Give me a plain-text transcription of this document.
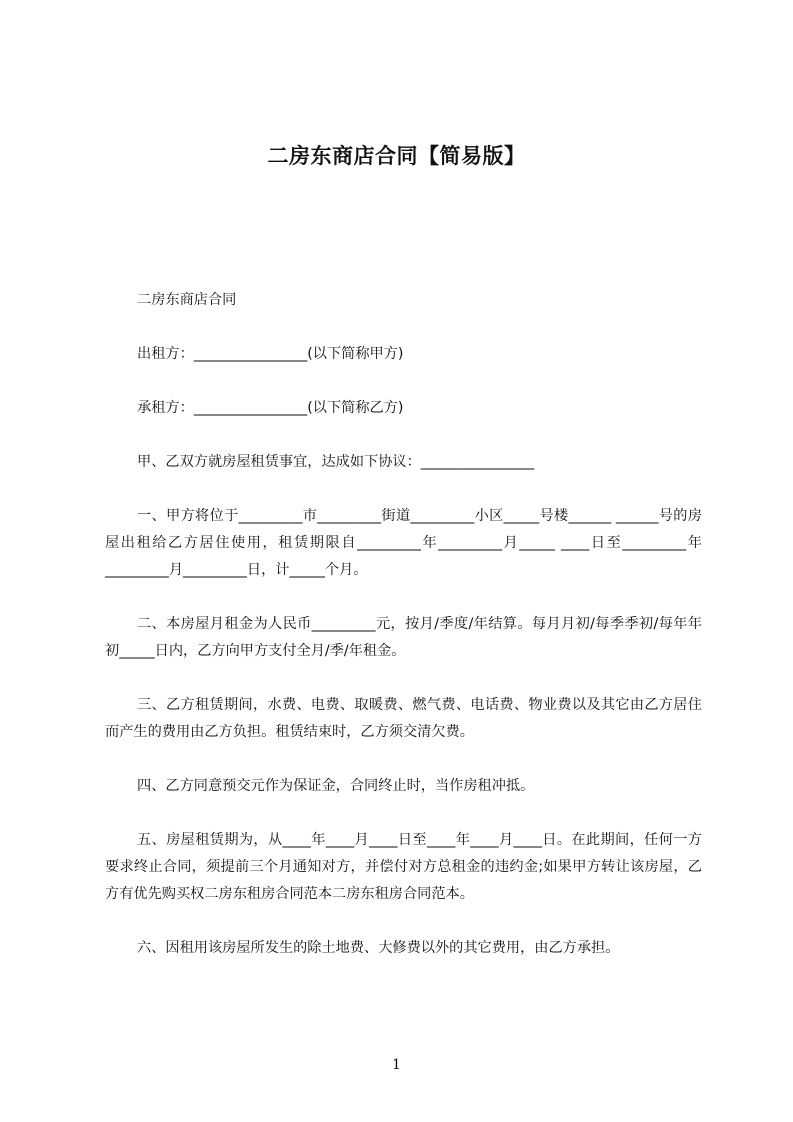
二房东商店合同【简易版】

二房东商店合同

出租方：________________(以下简称甲方)

承租方：________________(以下简称乙方)

甲、乙双方就房屋租赁事宜，达成如下协议：________________

一、甲方将位于_________市_________街道_________小区_____号楼______ ______号的房屋出租给乙方居住使用，租赁期限自_________年_________月_____ ____日至_________年_________月_________日，计_____个月。

二、本房屋月租金为人民币_________元，按月/季度/年结算。每月月初/每季季初/每年年初_____日内，乙方向甲方支付全月/季/年租金。

三、乙方租赁期间，水费、电费、取暖费、燃气费、电话费、物业费以及其它由乙方居住而产生的费用由乙方负担。租赁结束时，乙方须交清欠费。

四、乙方同意预交元作为保证金，合同终止时，当作房租冲抵。

五、房屋租赁期为，从____年____月____日至____年____月____日。在此期间，任何一方要求终止合同，须提前三个月通知对方，并偿付对方总租金的违约金;如果甲方转让该房屋，乙方有优先购买权二房东租房合同范本二房东租房合同范本。

六、因租用该房屋所发生的除土地费、大修费以外的其它费用，由乙方承担。

1
